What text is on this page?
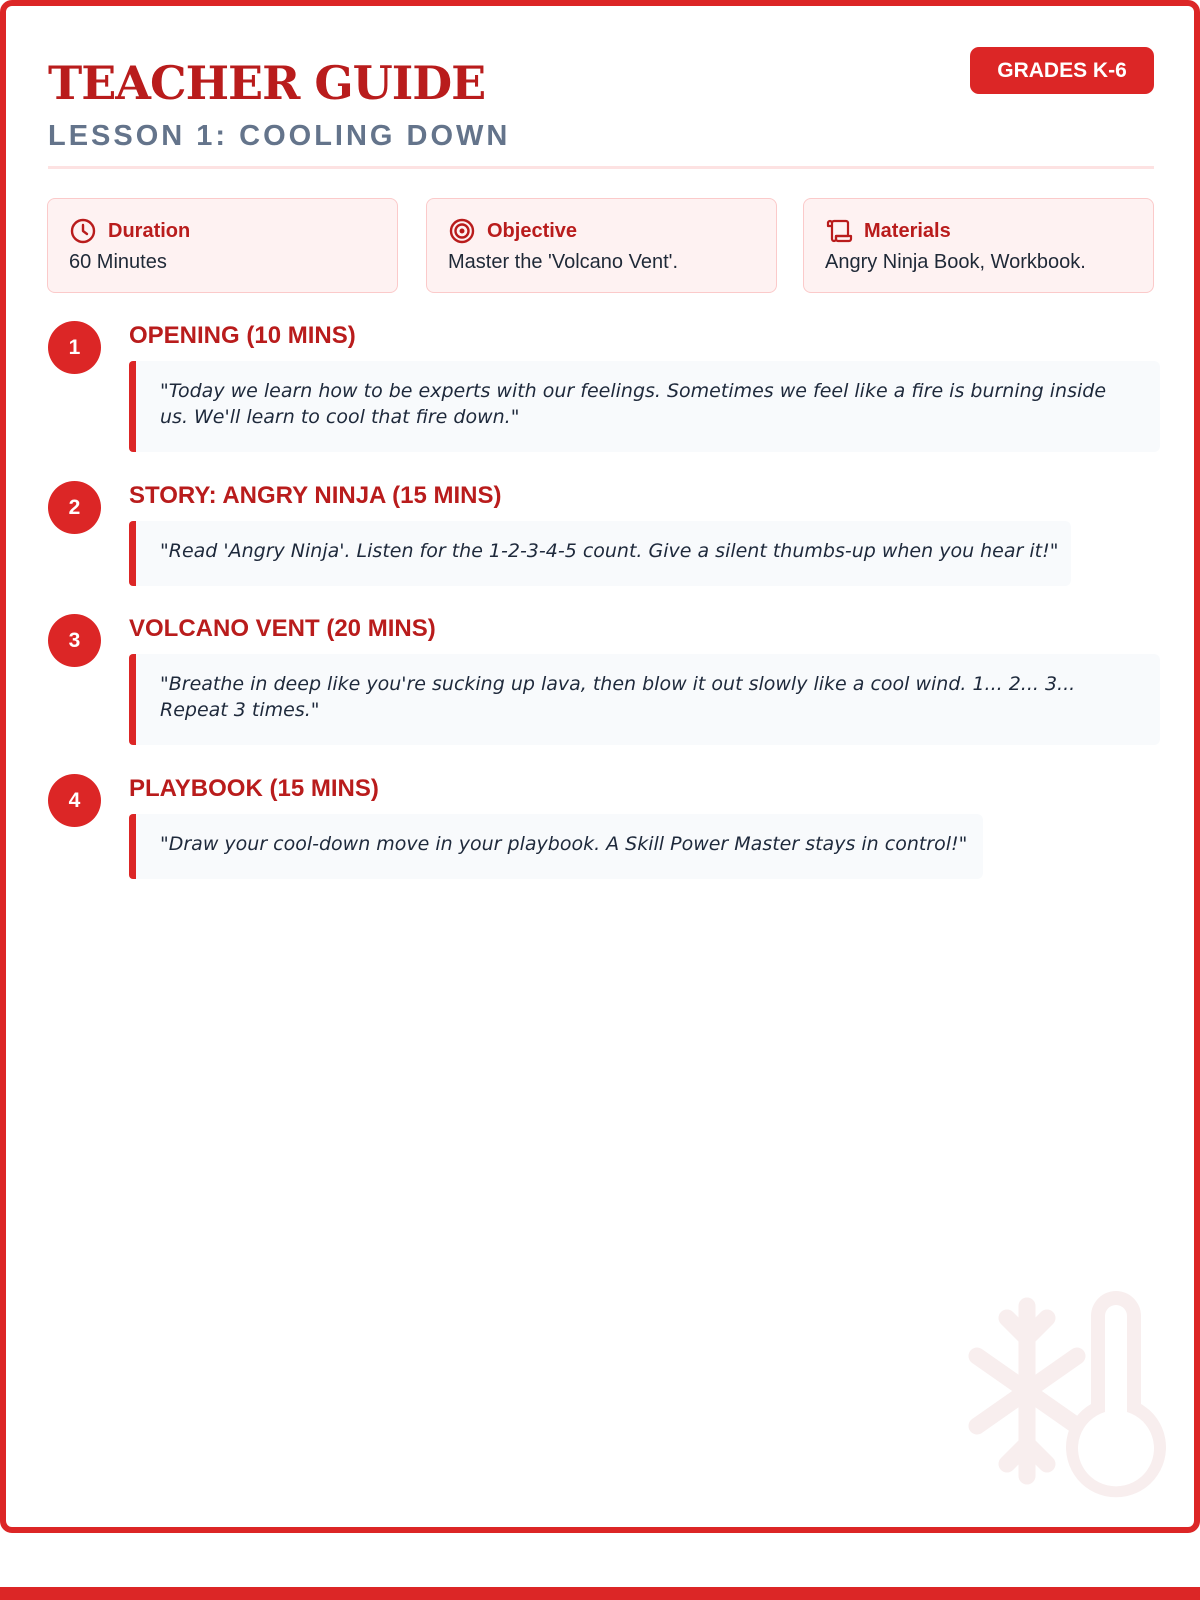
TEACHER GUIDE
LESSON 1: COOLING DOWN
GRADES K-6
Duration
60 Minutes
Objective
Master the 'Volcano Vent'.
Materials
Angry Ninja Book, Workbook.
1	OPENING (10 MINS)
"Today we learn how to be experts with our feelings. Sometimes we feel like a fire is burning inside us. We'll learn to cool that fire down."
2	STORY: ANGRY NINJA (15 MINS)
"Read 'Angry Ninja'. Listen for the 1-2-3-4-5 count. Give a silent thumbs-up when you hear it!"
3	VOLCANO VENT (20 MINS)
"Breathe in deep like you're sucking up lava, then blow it out slowly like a cool wind. 1... 2... 3... Repeat 3 times."
4	PLAYBOOK (15 MINS)
"Draw your cool-down move in your playbook. A Skill Power Master stays in control!"
